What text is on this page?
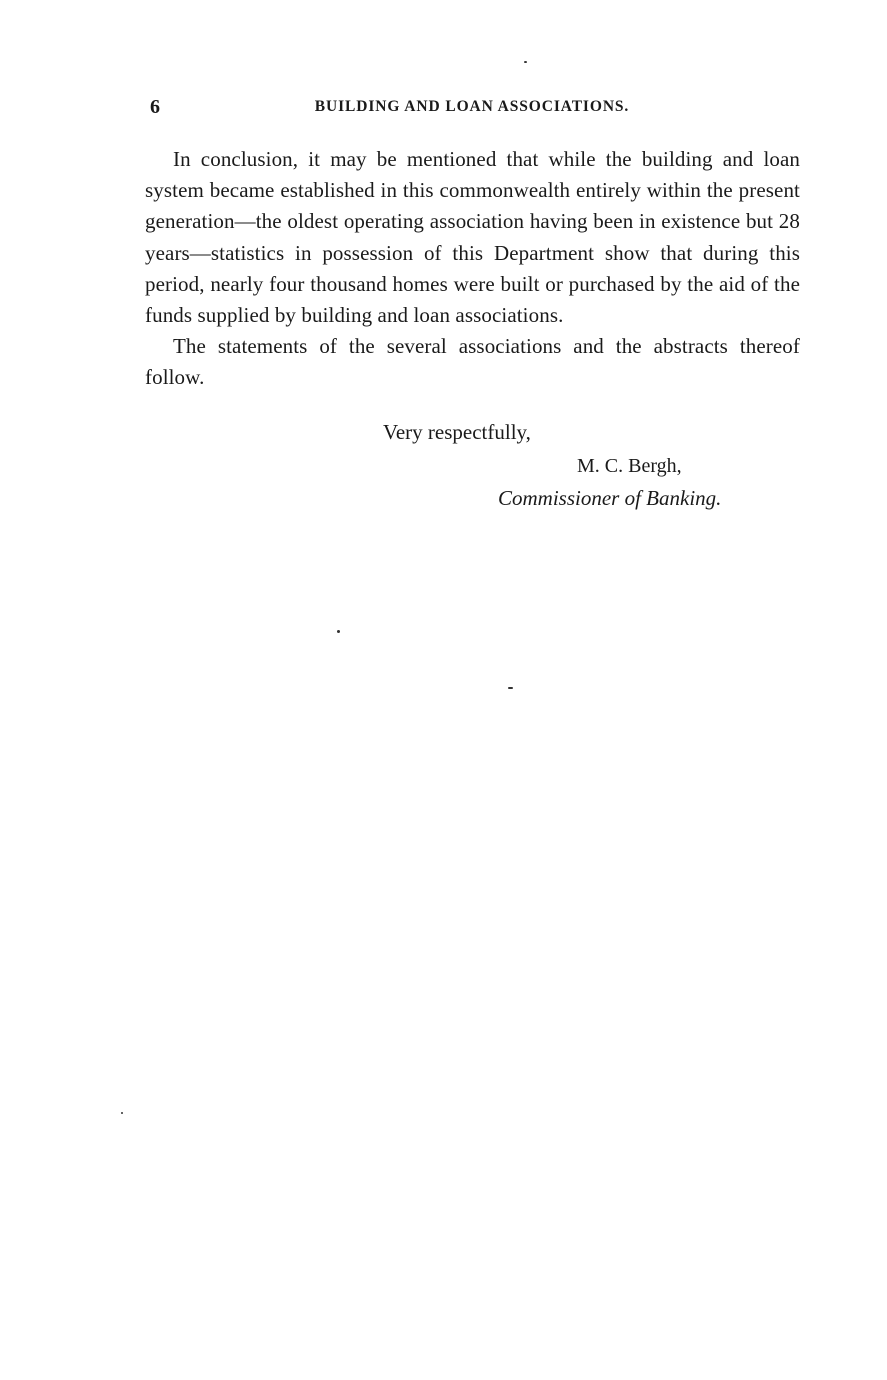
6	BUILDING AND LOAN ASSOCIATIONS.

In conclusion, it may be mentioned that while the building and loan system became established in this commonwealth entirely within the present generation—the oldest operating association having been in existence but 28 years—statistics in possession of this Department show that during this period, nearly four thousand homes were built or purchased by the aid of the funds supplied by building and loan associations.

The statements of the several associations and the abstracts thereof follow.

Very respectfully,
M. C. Bergh,
Commissioner of Banking.
